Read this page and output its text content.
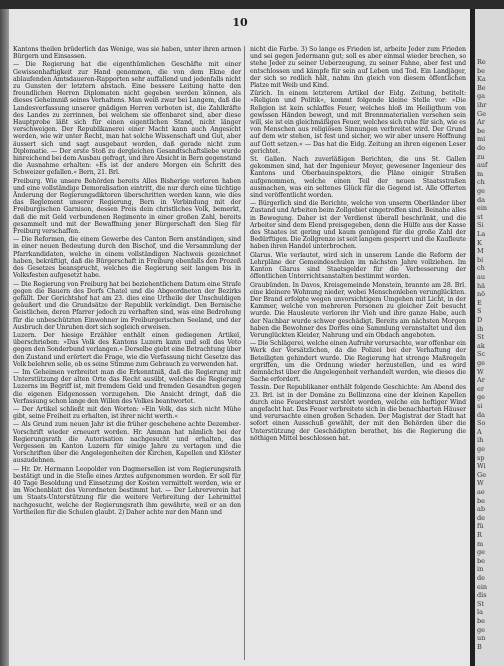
Re
be
Ka
Be
ga
ihr
Ge
Ar
be
mi
do
zu
auf
m
ch
ge
da
ein
st
Si
La
K
M
bi
ch
au
hä
nö
E
S
D
ih
St
ak
Sc
ge
W
Ar
er
ge
si
da
So
A
ih
ge
sp
Wi
Ge
W
ae
be
ab
de
fü
R
m
ge
be
in
de
ein
dis
St
la
be
ge
un
B
10

Kantons theilen brüderlich das Wenige, was sie haben, unter ihren armen Bürgern und Einsassen.

— Die Regierung hat die eigenthümlichen Geschäfte mit einer Gewissenhaftigkeit zur Hand genommen, die von dem Ekne der ablaufenden Amtsdaueren-Rapporten sehr auffallend und jedenfalls nicht zu Gunsten der letztern abstach. Eine bessere Leitung hatte den freundlichen Herren Diplomaten nicht gegeben werden können, als dieses Geheimniß seines Verhaltens. Man weiß zwar bei Langem, daß die Landesverfassung unserer gnädigen Herren verboten ist, die Zahlkräfte des Landes zu zerrinnen, bei welchem sie offenbaret sind, aber diese Hauptprobe läßt sich für einen eigentlichen Stand, nicht länger verschweigen. Der Republikanerei einer Macht kann auch Angesicht werden, wie wir unter Recht, man hat solche Wissenschaft und Gut, aber äussert sich und sagt ausgebaut worden, daß gerade nicht zum Diplomatie. — Der erste Stoß zu dergleichen Gesandtschaftsliebe wurde hinreichend bei dem Ausbau gefragt, und ihre Absicht in Bern gegenstand die Ausnahme erhalten: »Es ist der andere Morgen ein Schritt des Schweizer gefallen.« Bern, 21. Brl.

Freiburg. Wie unsere Behörden bereits Alles Bisherige verloren haben und eine vollständige Demoralisation eintritt, die nur durch eine tüchtige Änderung der Regierungsdiktoren überschritten werden kann, wie dies das Reglement unserer Regierung, Bern in Verbindung mit der Freiburgischen Garnison, dessen Preis dein christliches Volk, bemerkt, daß die mit Geld verbundenen Regimente in einer großen Zahl, bereits gesammelt und mit der Bewaffnung jener Bürgerschaft den Sieg für Freiburg verschaffen.

— Die Reformen, die einem Gewerbe des Canton Bern anständigen, sind in einer neuen Bedeutung durch den Bischof, und die Versammlung der Pfarrkandidaten, welche in einem vollständigen Nachweis gezeichnet haben, bekräftigt, daß die Bürgerschaft in Freiburg ebenfalls den Prozeß des Gesetzes beansprucht, welches die Regierung seit langem bis in Volksfesten aufgesetzt habe.

— Die Regierung von Freiburg hat bei beziehentlichem Datum eine Strafe gegen die Bauern des Dorfs Chatel und die Abgeordneten der Bezirks gefällt. Der Gerichtshof hat am 23. dies eine Urtheile der Unschuldigen geäußert und die Grundsätze der Republik verkündigt. Den Bernische Geistlichen, deren Pfarrer jedoch zu verhaften sind, was eine Bedrohung für die unbeschützten Einwohner im Freiburgerischen Seeland, und der Ausbruch der Unruhen dort sich sogleich erweisen.

Luzern. Der hiesige Erzähler enthält einen gediegenen Artikel, überschrieben: »Das Volk des Kantons Luzern kann und soll das Veto gegen den Sonderbund verlangen.« Derselbe giebt eine Betrachtung über den Zustand und erörtert die Frage, wie die Verfassung nicht Gesetze das Volk belehren solle, ob es seine Stimme zum Gebrauch zu verwenden hat.

— Im Geheimen verbreitet man die Erkenntniß, daß die Regierung mit Unterstützung der alten Orte das Recht ausübt, welches die Regierung Luzerns im Begriff ist, mit fremdem Geld und fremden Gesandten gegen die eigenen Eidgenossen vorzugehen. Die Ansicht dringt, daß die Verfassung schon lange den Willen des Volkes beantwortet.

— Der Artikel schließt mit den Worten: »Ein Volk, das sich nicht Mühe gibt, seine Freiheit zu erhalten, ist ihrer nicht werth.«

— Als Grund zum neuen Jahr ist die früher geschehene achte Dezember-Vorschrift wieder erneuert worden. Hr. Amman hat nämlich bei der Regierungsrath die Autorisation nachgesucht und erhalten, das Vergessen im Kanton Luzern für einige Jahre zu vertagen und die Vorschriften über die Angelegenheiten der Kirchen, Kapellen und Klöster auszudehnen.

— Hr. Dr. Hermann Leopolder von Dagmersellen ist vom Regierungsrath bestätigt und in die Stelle eines Arztes aufgenommen worden. Er soll für 40 Tage Besoldung und Einsetzung der Kosten vermittelt werden, wie er im Wochenblatt des Verordneten bestimmt hat. — Der Lehrerverein hat um Staats-Unterstützung für die weitere Verbreitung der Lehrmittel nachgesucht, welche der Regierungsrath ihm gewährte, weil er an den Vortheilen für die Schulen glaubt. 2) Daher achte nur den Mann und

nicht die Farbe. 3) So lange es Frieden ist, arbeite Jeder zum Frieden und sei gegen Jedermann gut; soll es aber einmal wieder brechen, so stehe Jeder zu seiner Ueberzeugung, zu seiner Fahne, aber fest und entschlossen und kämpfe für sein auf Leben und Tod. Ein Landjäger, der sich so redlich hält, nahm ihn gleich von diesem öffentlichen Platze mit Weib und Kind.

Zürich. In einem letzterem Artikel der Eidg. Zeitung, betitelt: »Religion und Politik«, kommt folgende kleine Stelle vor: »Die Religion ist kein schlaffes Feuer, welches bloß im Heiligthum von gewissen Händen bewegt, und mit Brennmaterialien versehen sein will, sie ist ein gleichmäßiges Feuer, welches sich ruhe für sich, wie es von Menschen aus religiösen Sinnungen verbreitet wird. Der Grund auf dem wir stehen, ist fest und sicher, wo wir aber unsere Hoffnung auf Gott setzen.« — Das hat die Eidg. Zeitung an ihren eigenen Leser gerichtet.

St. Gallen. Nach zuverläßigen Berichten, die uns St. Gallen gekommen sind, hat der Ingenieur Meyer, gewesener Ingenieur des Kantons und Oberbauinspektors, die Pläne einiger Straßen aufgenommen, welche einen Teil der neuen Staatsstraßen ausmachen, was ein seltenes Glück für die Gegend ist. Alle Offerten sind veröffentlicht worden.

— Bürgerlich sind die Berichte, welche von unserm Oberländer über Zustand und Arbeiten beim Zollgebiet eingetroffen sind. Beinahe alles in Bewegung. Daher ist der Verdienst überall beschränkt, und die Arbeiter sind dem Elend preisgegeben, denn die Hülfe aus der Kasse des Staates ist gering und kaum genügend für die große Zahl der Bedürftigen. Die Zollgrenze ist seit langem gesperrt und die Kaufleute haben ihren Handel unterbrochen.

Glarus. Wie verlautet, wird sich in unserem Lande die Reform der Lehrpläne der Gemeindeschulen im nächsten Jahre vollziehen. Im Kanton Glarus sind Staatsgelder für die Verbesserung der öffentlichen Unterrichtsanstalten bestimmt worden.

Graubünden. In Davos, Kreisgemeinde Monstein, brannte am 28. Brl. eine kleinere Wohnung nieder, wobei Menschenleben verunglückten. Der Brand erfolgte wegen unvorsichtigem Umgehen mit Licht, in der Kammer, welche von mehreren Personen zu gleicher Zeit besucht wurde. Die Hausleute verloren ihr Vieh und ihre ganze Habe, auch der Nachbar wurde schwer geschädigt. Bereits am nächsten Morgen haben die Bewohner des Dorfes eine Sammlung veranstaltet und den Verunglückten Kleider, Nahrung und ein Obdach angeboten.

— Die Schlägerei, welche einen Aufruhr verursachte, war offenbar ein Werk der Vorsätzlichen, da die Polizei bei der Verhaftung der Beteiligten gehindert wurde. Die Regierung hat strenge Maßregeln ergriffen, um die Ordnung wieder herzustellen, und es wird demnächst über die Angelegenheit verhandelt werden, wie dieses die Sache erfordert.

Tessin. Der Republikaner enthält folgende Geschichte: Am Abend des 23. Brl. ist in der Domäne zu Bellinzona eine der kleinen Kapellen durch eine Feuersbrunst zerstört worden, welche ein heftiger Wind angefacht hat. Das Feuer verbreitete sich in die benachbarten Häuser und verursachte einen großen Schaden. Der Magistrat der Stadt hat sofort einen Ausschuß gewählt, der mit den Behörden über die Unterstützung der Geschädigten berathet, bis die Regierung die nöthigen Mittel beschlossen hat.
